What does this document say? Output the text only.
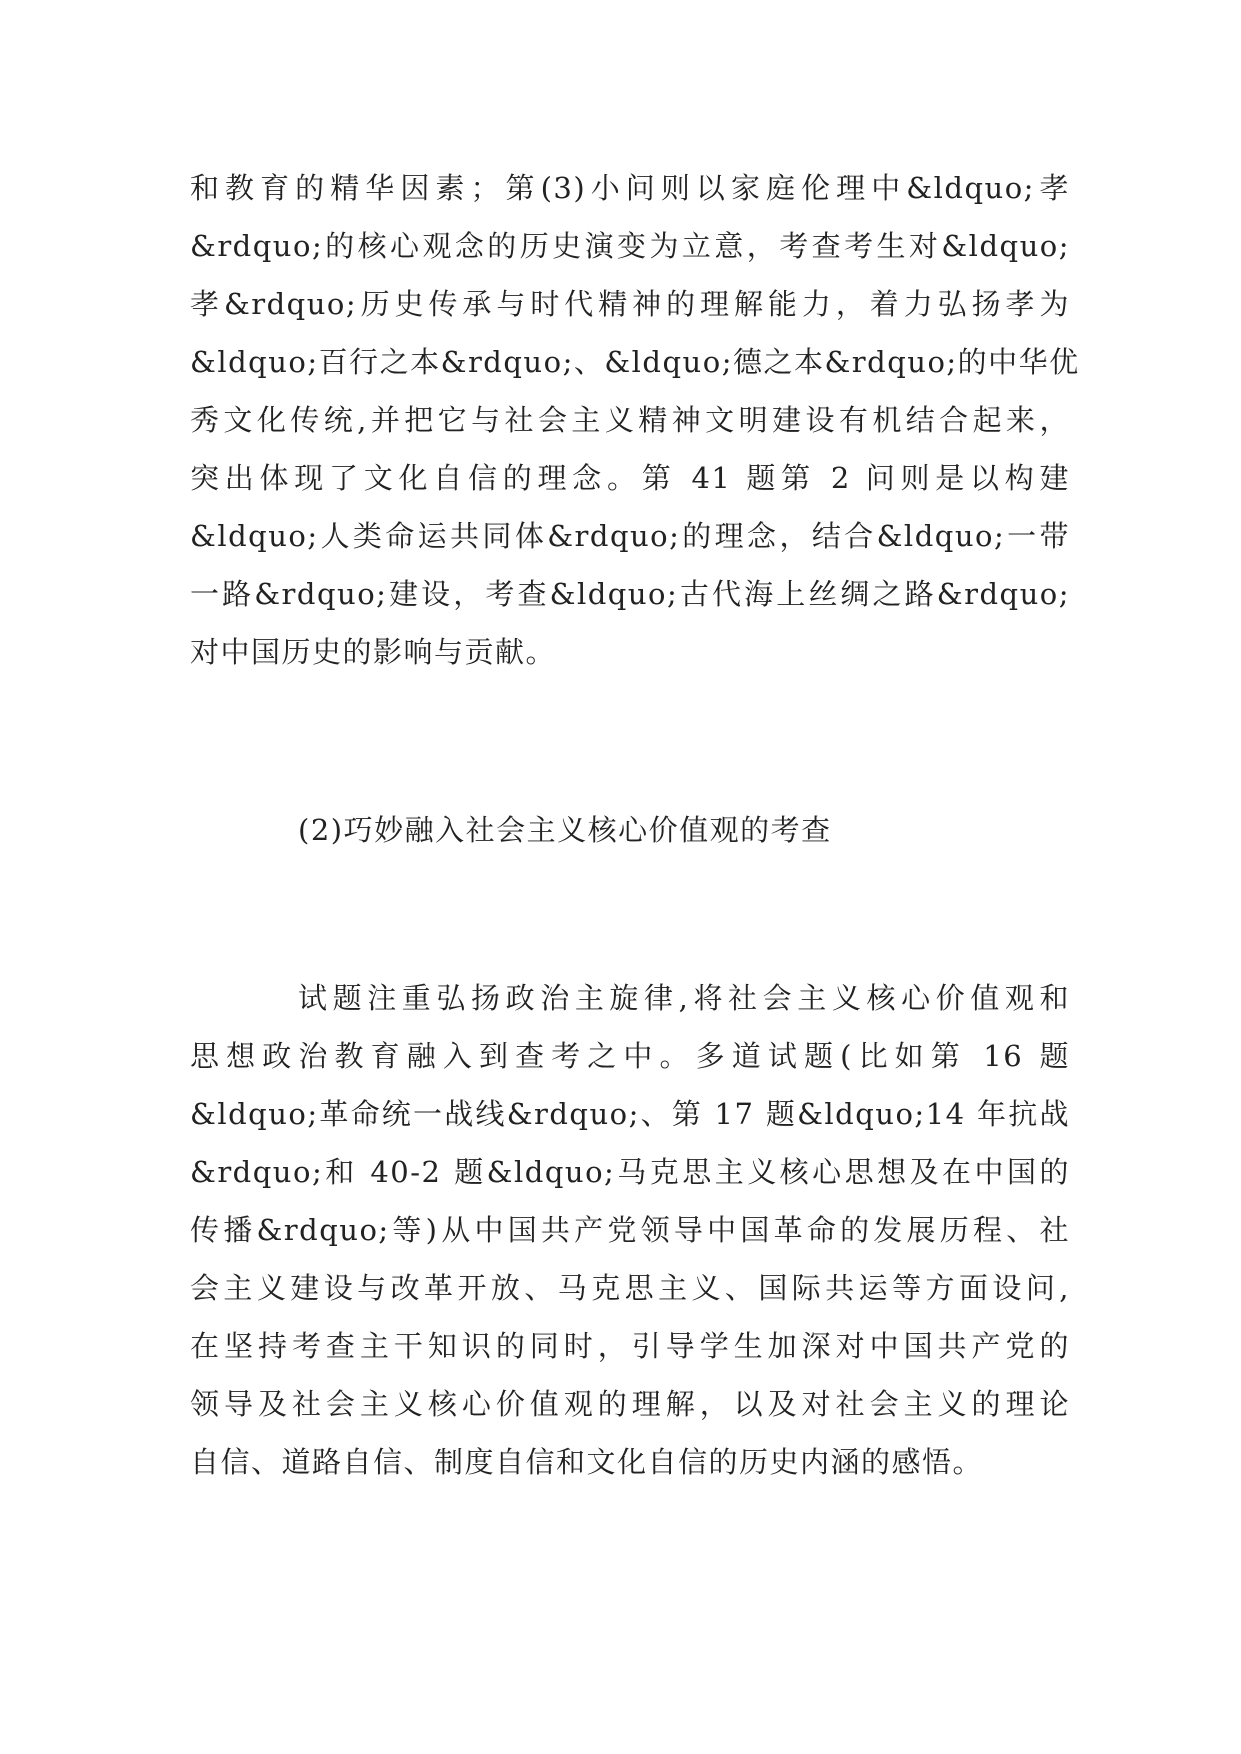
和教育的精华因素；第(3)小问则以家庭伦理中&ldquo;孝
&rdquo;的核心观念的历史演变为立意，考查考生对&ldquo;
孝&rdquo;历史传承与时代精神的理解能力，着力弘扬孝为
&ldquo;百行之本&rdquo;、&ldquo;德之本&rdquo;的中华优
秀文化传统,并把它与社会主义精神文明建设有机结合起来，
突出体现了文化自信的理念。第 41 题第 2 问则是以构建
&ldquo;人类命运共同体&rdquo;的理念，结合&ldquo;一带
一路&rdquo;建设，考查&ldquo;古代海上丝绸之路&rdquo;
对中国历史的影响与贡献。
(2)巧妙融入社会主义核心价值观的考查
试题注重弘扬政治主旋律,将社会主义核心价值观和
思想政治教育融入到查考之中。多道试题(比如第 16 题
&ldquo;革命统一战线&rdquo;、第 17 题&ldquo;14 年抗战
&rdquo;和 40-2 题&ldquo;马克思主义核心思想及在中国的
传播&rdquo;等)从中国共产党领导中国革命的发展历程、社
会主义建设与改革开放、马克思主义、国际共运等方面设问,
在坚持考查主干知识的同时，引导学生加深对中国共产党的
领导及社会主义核心价值观的理解，以及对社会主义的理论
自信、道路自信、制度自信和文化自信的历史内涵的感悟。
